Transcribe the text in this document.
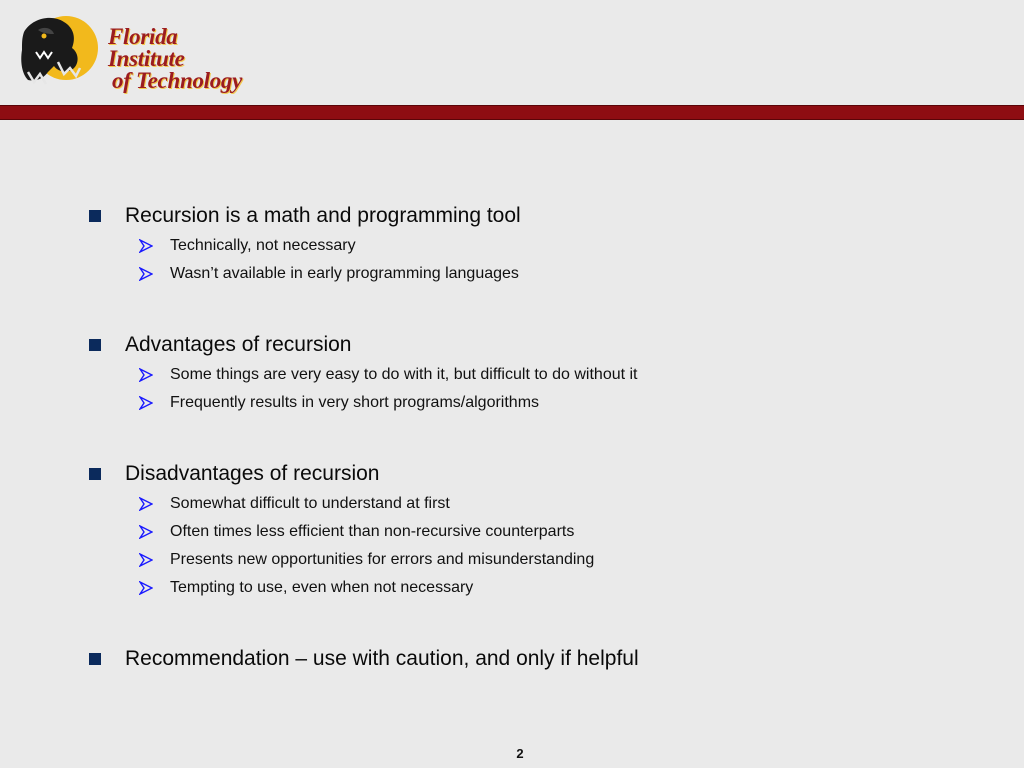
Florida Institute
of Technology
Recursion is a math and programming tool
Technically, not necessary
Wasn’t available in early programming languages
Advantages of recursion
Some things are very easy to do with it, but difficult to do without it
Frequently results in very short programs/algorithms
Disadvantages of recursion
Somewhat difficult to understand at first
Often times less efficient than non-recursive counterparts
Presents new opportunities for errors and misunderstanding
Tempting to use, even when not necessary
Recommendation – use with caution, and only if helpful
2
